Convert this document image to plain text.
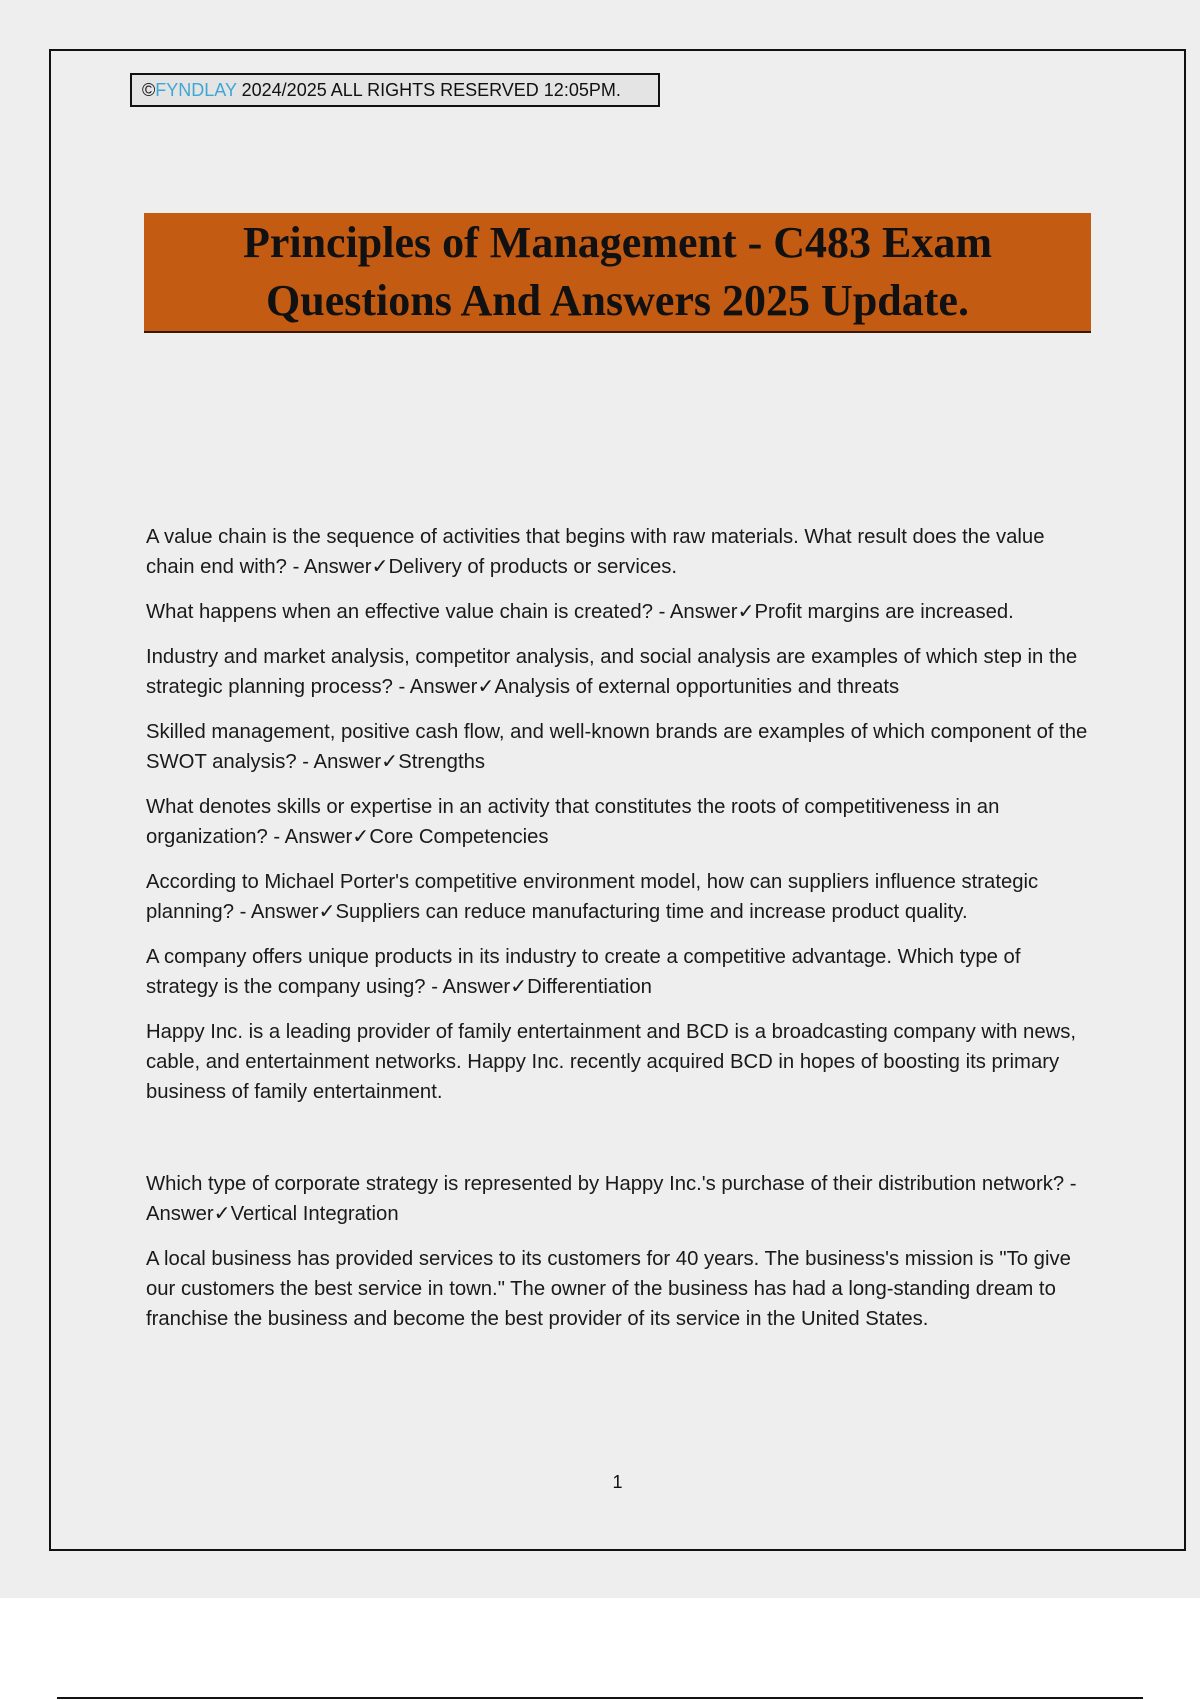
©FYNDLAY 2024/2025 ALL RIGHTS RESERVED 12:05PM.
Principles of Management - C483 Exam
Questions And Answers 2025 Update.

A value chain is the sequence of activities that begins with raw materials. What result does the value chain end with? - Answer✓Delivery of products or services.

What happens when an effective value chain is created? - Answer✓Profit margins are increased.

Industry and market analysis, competitor analysis, and social analysis are examples of which step in the strategic planning process? - Answer✓Analysis of external opportunities and threats

Skilled management, positive cash flow, and well-known brands are examples of which component of the SWOT analysis? - Answer✓Strengths

What denotes skills or expertise in an activity that constitutes the roots of competitiveness in an organization? - Answer✓Core Competencies

According to Michael Porter's competitive environment model, how can suppliers influence strategic planning? - Answer✓Suppliers can reduce manufacturing time and increase product quality.

A company offers unique products in its industry to create a competitive advantage. Which type of strategy is the company using? - Answer✓Differentiation

Happy Inc. is a leading provider of family entertainment and BCD is a broadcasting company with news, cable, and entertainment networks. Happy Inc. recently acquired BCD in hopes of boosting its primary business of family entertainment.

Which type of corporate strategy is represented by Happy Inc.'s purchase of their distribution network? - Answer✓Vertical Integration

A local business has provided services to its customers for 40 years. The business's mission is "To give our customers the best service in town." The owner of the business has had a long-standing dream to franchise the business and become the best provider of its service in the United States.

1
